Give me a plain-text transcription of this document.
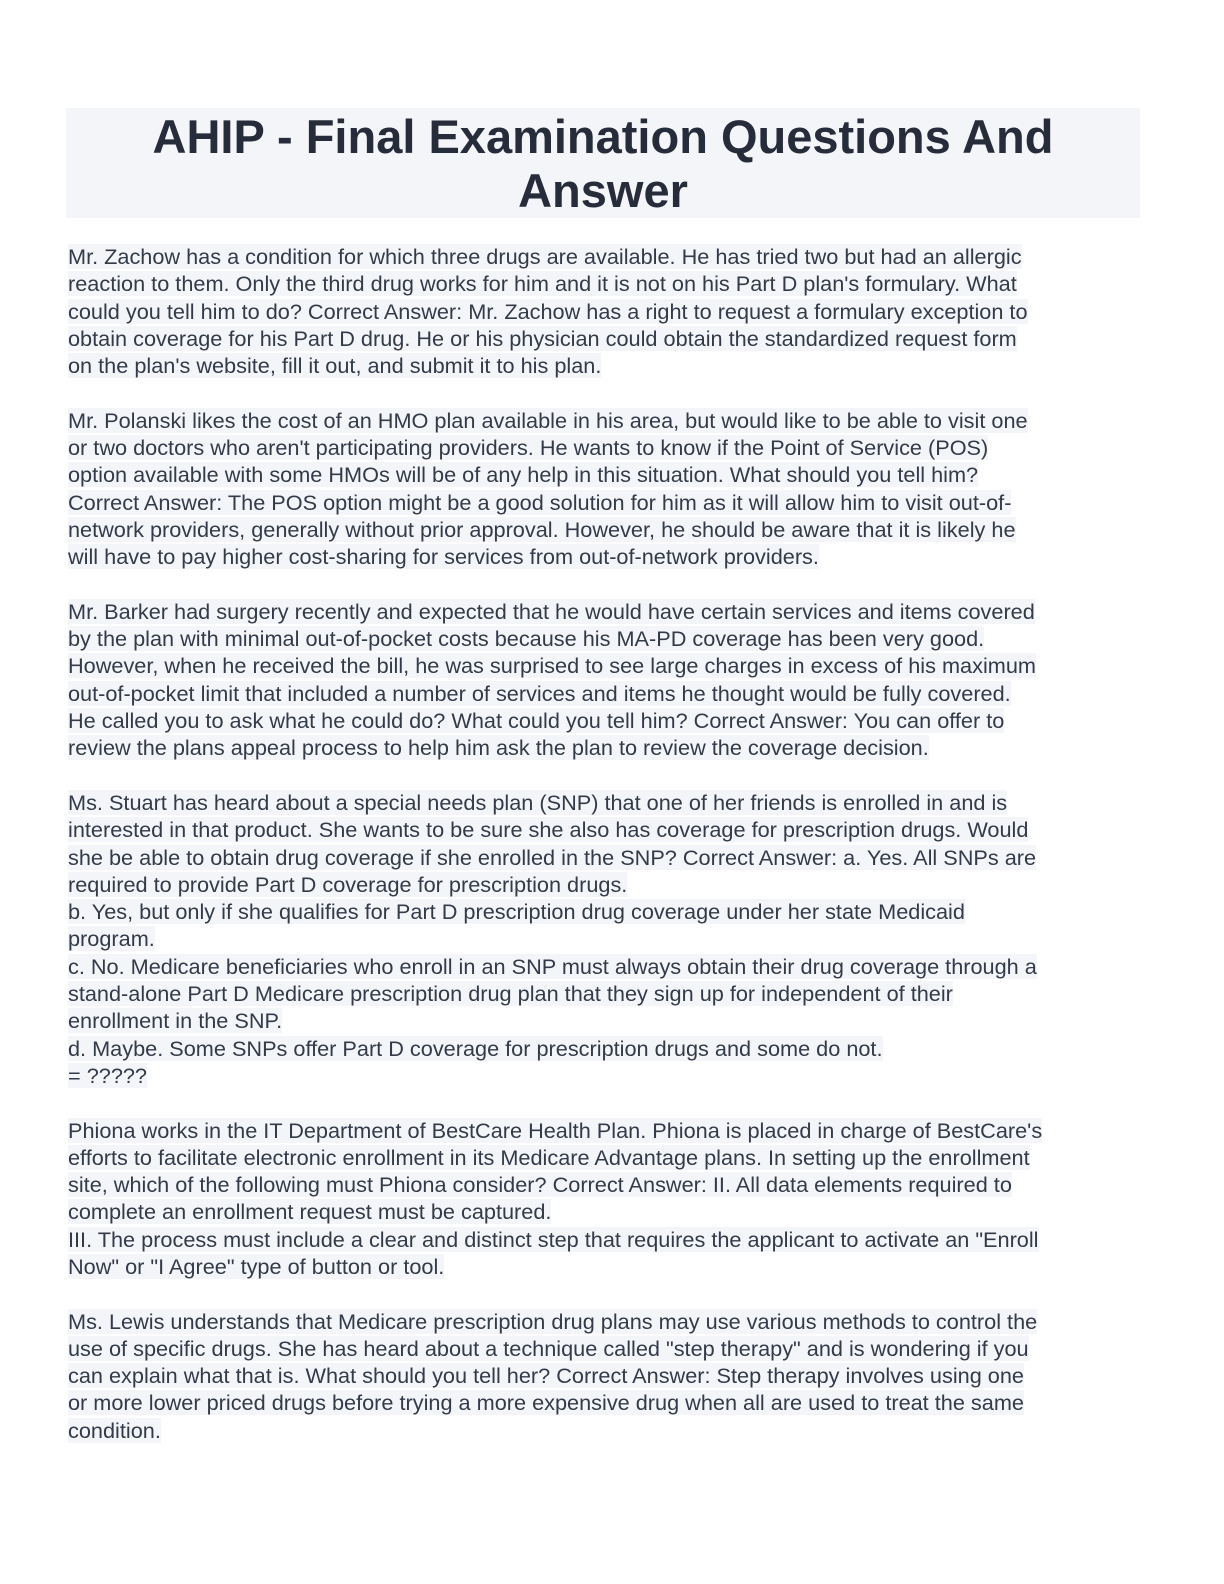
AHIP - Final Examination Questions And
Answer
Mr. Zachow has a condition for which three drugs are available. He has tried two but had an allergic
reaction to them. Only the third drug works for him and it is not on his Part D plan's formulary. What
could you tell him to do? Correct Answer: Mr. Zachow has a right to request a formulary exception to
obtain coverage for his Part D drug. He or his physician could obtain the standardized request form
on the plan's website, fill it out, and submit it to his plan.
Mr. Polanski likes the cost of an HMO plan available in his area, but would like to be able to visit one
or two doctors who aren't participating providers. He wants to know if the Point of Service (POS)
option available with some HMOs will be of any help in this situation. What should you tell him?
Correct Answer: The POS option might be a good solution for him as it will allow him to visit out-of-
network providers, generally without prior approval. However, he should be aware that it is likely he
will have to pay higher cost-sharing for services from out-of-network providers.
Mr. Barker had surgery recently and expected that he would have certain services and items covered
by the plan with minimal out-of-pocket costs because his MA-PD coverage has been very good.
However, when he received the bill, he was surprised to see large charges in excess of his maximum
out-of-pocket limit that included a number of services and items he thought would be fully covered.
He called you to ask what he could do? What could you tell him? Correct Answer: You can offer to
review the plans appeal process to help him ask the plan to review the coverage decision.
Ms. Stuart has heard about a special needs plan (SNP) that one of her friends is enrolled in and is
interested in that product. She wants to be sure she also has coverage for prescription drugs. Would
she be able to obtain drug coverage if she enrolled in the SNP? Correct Answer: a. Yes. All SNPs are
required to provide Part D coverage for prescription drugs.
b. Yes, but only if she qualifies for Part D prescription drug coverage under her state Medicaid
program.
c. No. Medicare beneficiaries who enroll in an SNP must always obtain their drug coverage through a
stand-alone Part D Medicare prescription drug plan that they sign up for independent of their
enrollment in the SNP.
d. Maybe. Some SNPs offer Part D coverage for prescription drugs and some do not.
= ?????
Phiona works in the IT Department of BestCare Health Plan. Phiona is placed in charge of BestCare's
efforts to facilitate electronic enrollment in its Medicare Advantage plans. In setting up the enrollment
site, which of the following must Phiona consider? Correct Answer: II. All data elements required to
complete an enrollment request must be captured.
III. The process must include a clear and distinct step that requires the applicant to activate an "Enroll
Now" or "I Agree" type of button or tool.
Ms. Lewis understands that Medicare prescription drug plans may use various methods to control the
use of specific drugs. She has heard about a technique called "step therapy" and is wondering if you
can explain what that is. What should you tell her? Correct Answer: Step therapy involves using one
or more lower priced drugs before trying a more expensive drug when all are used to treat the same
condition.
